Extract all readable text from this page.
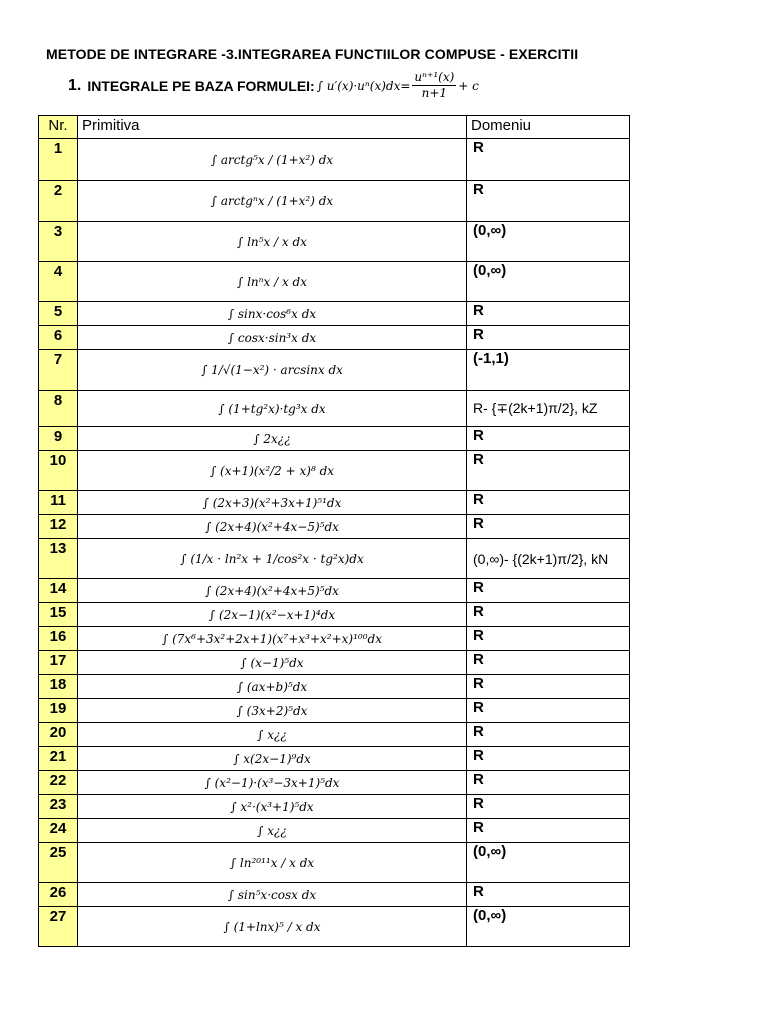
METODE DE INTEGRARE -3.INTEGRAREA FUNCTIILOR COMPUSE - EXERCITII
1. INTEGRALE PE BAZA FORMULEI: ∫ $u'(x)\cdot u^n(x)dx= \frac{\text{uⁿ⁺¹(x)}}{n+1} + c$
Nr.	Primitiva	Domeniu
1	∫ arctg⁵x / (1+x²) dx	R
2	∫ arctgⁿx / (1+x²) dx	R
3	∫ ln⁵x / x dx	(0,∞)
4	∫ lnⁿx / x dx	(0,∞)
5	∫ sinx·cos⁶x dx	R
6	∫ cosx·sin³x dx	R
7	∫ 1/√(1−x²) · arcsinx dx	(-1,1)
8	∫ (1+tg²x)·tg³x dx	R- {∓(2k+1)π/2}, kZ
9	∫ 2x¿¿	R
10	∫ (x+1)(x²/2 + x)⁸ dx	R
11	∫ (2x+3)(x²+3x+1)⁵¹dx	R
12	∫ (2x+4)(x²+4x−5)⁵dx	R
13	∫ (1/x · ln²x + 1/cos²x · tg²x)dx	(0,∞)- {(2k+1)π/2}, kN
14	∫ (2x+4)(x²+4x+5)⁵dx	R
15	∫ (2x−1)(x²−x+1)⁴dx	R
16	∫ (7x⁶+3x²+2x+1)(x⁷+x³+x²+x)¹⁰⁰dx	R
17	∫ (x−1)⁵dx	R
18	∫ (ax+b)⁵dx	R
19	∫ (3x+2)⁵dx	R
20	∫ x¿¿	R
21	∫ x(2x−1)⁹dx	R
22	∫ (x²−1)·(x³−3x+1)⁵dx	R
23	∫ x²·(x³+1)⁵dx	R
24	∫ x¿¿	R
25	∫ ln²⁰¹¹x / x dx	(0,∞)
26	∫ sin⁵x·cosx dx	R
27	∫ (1+lnx)⁵ / x dx	(0,∞)
